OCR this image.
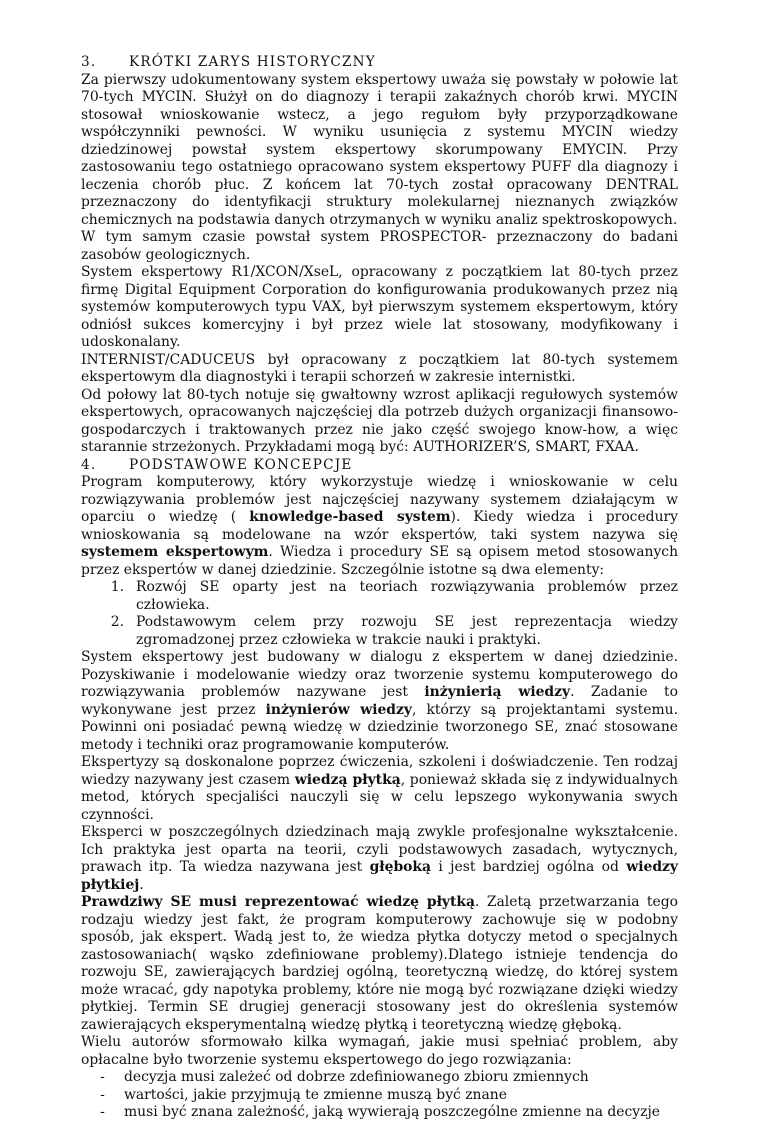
3.	KRÓTKI ZARYS HISTORYCZNY

Za pierwszy udokumentowany system ekspertowy uważa się powstały w połowie lat 70-tych MYCIN. Służył on do diagnozy i terapii zakaźnych chorób krwi. MYCIN stosował wnioskowanie wstecz, a jego regułom były przyporządkowane współczynniki pewności. W wyniku usunięcia z systemu MYCIN wiedzy dziedzinowej powstał system ekspertowy skorumpowany EMYCIN. Przy zastosowaniu tego ostatniego opracowano system ekspertowy PUFF dla diagnozy i leczenia chorób płuc. Z końcem lat 70-tych został opracowany DENTRAL przeznaczony do identyfikacji struktury molekularnej nieznanych związków chemicznych na podstawia danych otrzymanych w wyniku analiz spektroskopowych.

W tym samym czasie powstał system PROSPECTOR- przeznaczony do badani zasobów geologicznych.

System ekspertowy R1/XCON/XseL, opracowany z początkiem lat 80-tych przez firmę Digital Equipment Corporation do konfigurowania produkowanych przez nią systemów komputerowych typu VAX, był pierwszym systemem ekspertowym, który odniósł sukces komercyjny i był przez wiele lat stosowany, modyfikowany i udoskonalany.

INTERNIST/CADUCEUS był opracowany z początkiem lat 80-tych systemem ekspertowym dla diagnostyki i terapii schorzeń w zakresie internistki.

Od połowy lat 80-tych notuje się gwałtowny wzrost aplikacji regułowych systemów ekspertowych, opracowanych najczęściej dla potrzeb dużych organizacji finansowo-gospodarczych i traktowanych przez nie jako część swojego know-how, a więc starannie strzeżonych. Przykładami mogą być: AUTHORIZER’S, SMART, FXAA.

4.	PODSTAWOWE KONCEPCJE

Program komputerowy, który wykorzystuje wiedzę i wnioskowanie w celu rozwiązywania problemów jest najczęściej nazywany systemem działającym w oparciu o wiedzę ( knowledge-based system). Kiedy wiedza i procedury wnioskowania są modelowane na wzór ekspertów, taki system nazywa się systemem ekspertowym. Wiedza i procedury SE są opisem metod stosowanych przez ekspertów w danej dziedzinie. Szczególnie istotne są dwa elementy:

1. Rozwój SE oparty jest na teoriach rozwiązywania problemów przez człowieka.
2. Podstawowym celem przy rozwoju SE jest reprezentacja wiedzy zgromadzonej przez człowieka w trakcie nauki i praktyki.

System ekspertowy jest budowany w dialogu z ekspertem w danej dziedzinie. Pozyskiwanie i modelowanie wiedzy oraz tworzenie systemu komputerowego do rozwiązywania problemów nazywane jest inżynierią wiedzy. Zadanie to wykonywane jest przez inżynierów wiedzy, którzy są projektantami systemu. Powinni oni posiadać pewną wiedzę w dziedzinie tworzonego SE, znać stosowane metody i techniki oraz programowanie komputerów.

Ekspertyzy są doskonalone poprzez ćwiczenia, szkoleni i doświadczenie. Ten rodzaj wiedzy nazywany jest czasem wiedzą płytką, ponieważ składa się z indywidualnych metod, których specjaliści nauczyli się w celu lepszego wykonywania swych czynności.

Eksperci w poszczególnych dziedzinach mają zwykle profesjonalne wykształcenie. Ich praktyka jest oparta na teorii, czyli podstawowych zasadach, wytycznych, prawach itp. Ta wiedza nazywana jest głęboką i jest bardziej ogólna od wiedzy płytkiej.

Prawdziwy SE musi reprezentować wiedzę płytką. Zaletą przetwarzania tego rodzaju wiedzy jest fakt, że program komputerowy zachowuje się w podobny sposób, jak ekspert. Wadą jest to, że wiedza płytka dotyczy metod o specjalnych zastosowaniach( wąsko zdefiniowane problemy).Dlatego istnieje tendencja do rozwoju SE, zawierających bardziej ogólną, teoretyczną wiedzę, do której system może wracać, gdy napotyka problemy, które nie mogą być rozwiązane dzięki wiedzy płytkiej. Termin SE drugiej generacji stosowany jest do określenia systemów zawierających eksperymentalną wiedzę płytką i teoretyczną wiedzę głęboką.

Wielu autorów sformowało kilka wymagań, jakie musi spełniać problem, aby opłacalne było tworzenie systemu ekspertowego do jego rozwiązania:

-	decyzja musi zależeć od dobrze zdefiniowanego zbioru zmiennych
-	wartości, jakie przyjmują te zmienne muszą być znane
-	musi być znana zależność, jaką wywierają poszczególne zmienne na decyzje
